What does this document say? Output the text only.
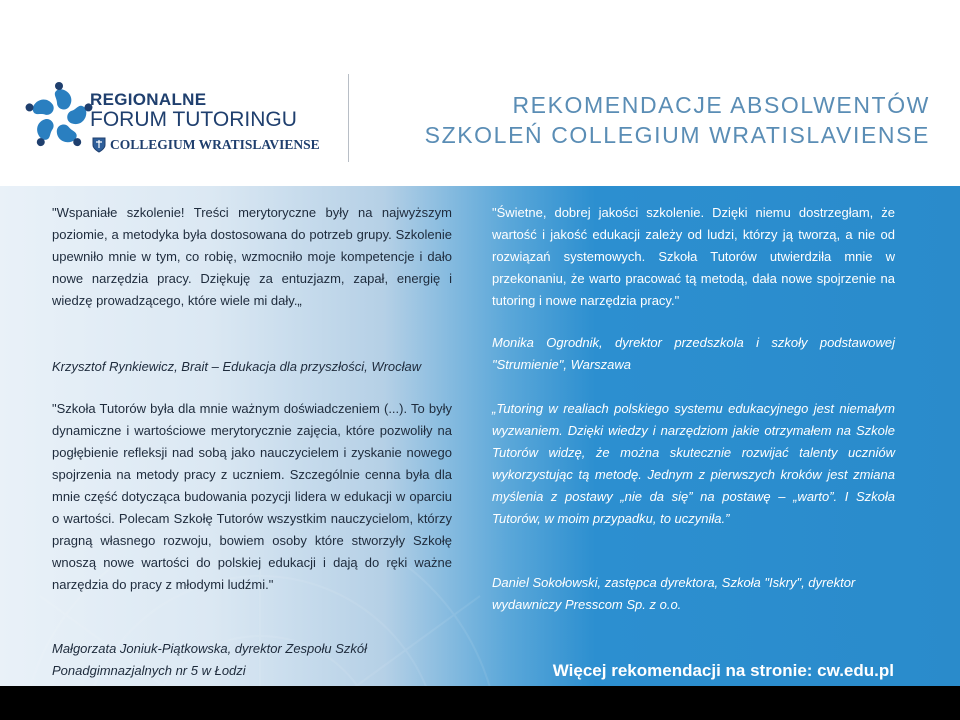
REGIONALNE
FORUM TUTORINGU
COLLEGIUM WRATISLAVIENSE
REKOMENDACJE ABSOLWENTÓW
SZKOLEŃ COLLEGIUM WRATISLAVIENSE
"Wspaniałe szkolenie! Treści merytoryczne były na najwyższym poziomie, a metodyka była dostosowana do potrzeb grupy. Szkolenie upewniło mnie w tym, co robię, wzmocniło moje kompetencje i dało nowe narzędzia pracy. Dziękuję za entuzjazm, zapał, energię i wiedzę prowadzącego, które wiele mi dały.„
Krzysztof Rynkiewicz, Brait – Edukacja dla przyszłości, Wrocław
"Szkoła Tutorów była dla mnie ważnym doświadczeniem (...). To były dynamiczne i wartościowe merytorycznie zajęcia, które pozwoliły na pogłębienie refleksji nad sobą jako nauczycielem i zyskanie nowego spojrzenia na metody pracy z uczniem. Szczególnie cenna była dla mnie część dotycząca budowania pozycji lidera w edukacji w oparciu o wartości. Polecam Szkołę Tutorów wszystkim nauczycielom, którzy pragną własnego rozwoju, bowiem osoby które stworzyły Szkołę wnoszą nowe wartości do polskiej edukacji i dają do ręki ważne narzędzia do pracy z młodymi ludźmi."
Małgorzata Joniuk-Piątkowska, dyrektor Zespołu Szkół Ponadgimnazjalnych nr 5 w Łodzi
"Świetne, dobrej jakości szkolenie. Dzięki niemu dostrzegłam, że wartość i jakość edukacji zależy od ludzi, którzy ją tworzą, a nie od rozwiązań systemowych. Szkoła Tutorów utwierdziła mnie w przekonaniu, że warto pracować tą metodą, dała nowe spojrzenie na tutoring i nowe narzędzia pracy."
Monika Ogrodnik, dyrektor przedszkola i szkoły podstawowej "Strumienie", Warszawa
„Tutoring w realiach polskiego systemu edukacyjnego jest niemałym wyzwaniem. Dzięki wiedzy i narzędziom jakie otrzymałem na Szkole Tutorów widzę, że można skutecznie rozwijać talenty uczniów wykorzystując tą metodę. Jednym z pierwszych kroków jest zmiana myślenia z postawy „nie da się” na postawę – „warto”. I Szkoła Tutorów, w moim przypadku, to uczyniła.”
Daniel Sokołowski, zastępca dyrektora, Szkoła "Iskry", dyrektor wydawniczy Presscom Sp. z o.o.
Więcej rekomendacji na stronie: cw.edu.pl
